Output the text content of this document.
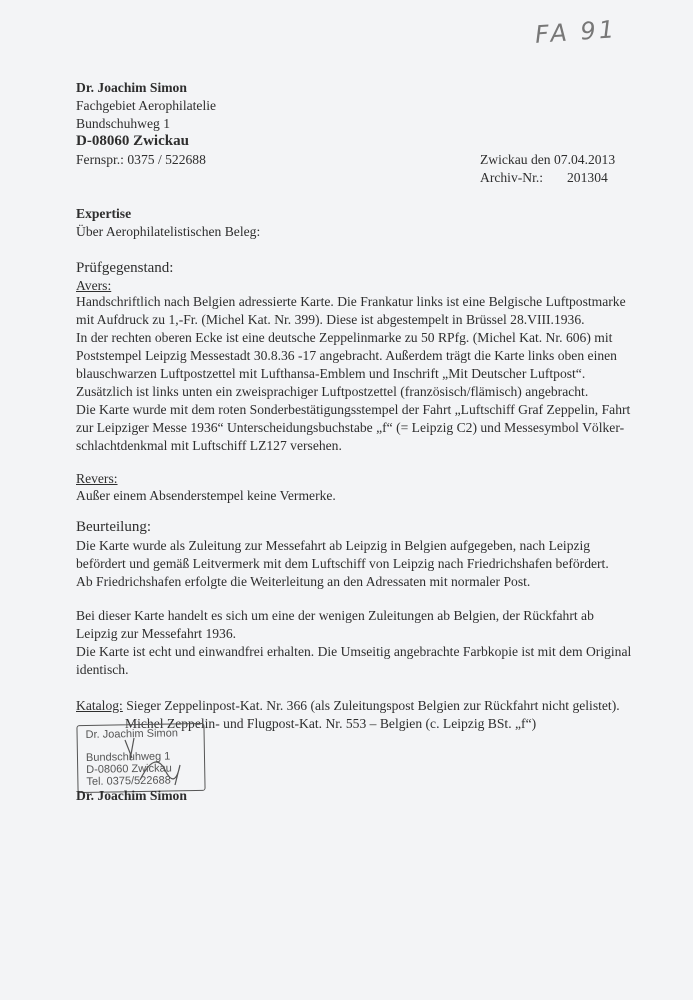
FA 91
Dr. Joachim Simon
Fachgebiet Aerophilatelie
Bundschuhweg 1
D-08060 Zwickau
Fernspr.: 0375 / 522688	Zwickau den 07.04.2013
Archiv-Nr.: 201304
Expertise
Über Aerophilatelistischen Beleg:
Prüfgegenstand:
Avers:
Handschriftlich nach Belgien adressierte Karte. Die Frankatur links ist eine Belgische Luftpostmarke
mit Aufdruck zu 1,-Fr. (Michel Kat. Nr. 399). Diese ist abgestempelt in Brüssel 28.VIII.1936.
In der rechten oberen Ecke ist eine deutsche Zeppelinmarke zu 50 RPfg. (Michel Kat. Nr. 606) mit
Poststempel Leipzig Messestadt 30.8.36 -17 angebracht. Außerdem trägt die Karte links oben einen
blauschwarzen Luftpostzettel mit Lufthansa-Emblem und Inschrift „Mit Deutscher Luftpost“.
Zusätzlich ist links unten ein zweisprachiger Luftpostzettel (französisch/flämisch) angebracht.
Die Karte wurde mit dem roten Sonderbestätigungsstempel der Fahrt „Luftschiff Graf Zeppelin, Fahrt
zur Leipziger Messe 1936“ Unterscheidungsbuchstabe „f“ (= Leipzig C2) und Messesymbol Völker-
schlachtdenkmal mit Luftschiff LZ127 versehen.
Revers:
Außer einem Absenderstempel keine Vermerke.
Beurteilung:
Die Karte wurde als Zuleitung zur Messefahrt ab Leipzig in Belgien aufgegeben, nach Leipzig
befördert und gemäß Leitvermerk mit dem Luftschiff von Leipzig nach Friedrichshafen befördert.
Ab Friedrichshafen erfolgte die Weiterleitung an den Adressaten mit normaler Post.
Bei dieser Karte handelt es sich um eine der wenigen Zuleitungen ab Belgien, der Rückfahrt ab
Leipzig zur Messefahrt 1936.
Die Karte ist echt und einwandfrei erhalten. Die Umseitig angebrachte Farbkopie ist mit dem Original
identisch.
Katalog: Sieger Zeppelinpost-Kat. Nr. 366 (als Zuleitungspost Belgien zur Rückfahrt nicht gelistet).
Michel Zeppelin- und Flugpost-Kat. Nr. 553 – Belgien (c. Leipzig BSt. „f“)
Dr. Joachim Simon
Bundschuhweg 1
D-08060 Zwickau
Tel. 0375/522688
Dr. Joachim Simon
